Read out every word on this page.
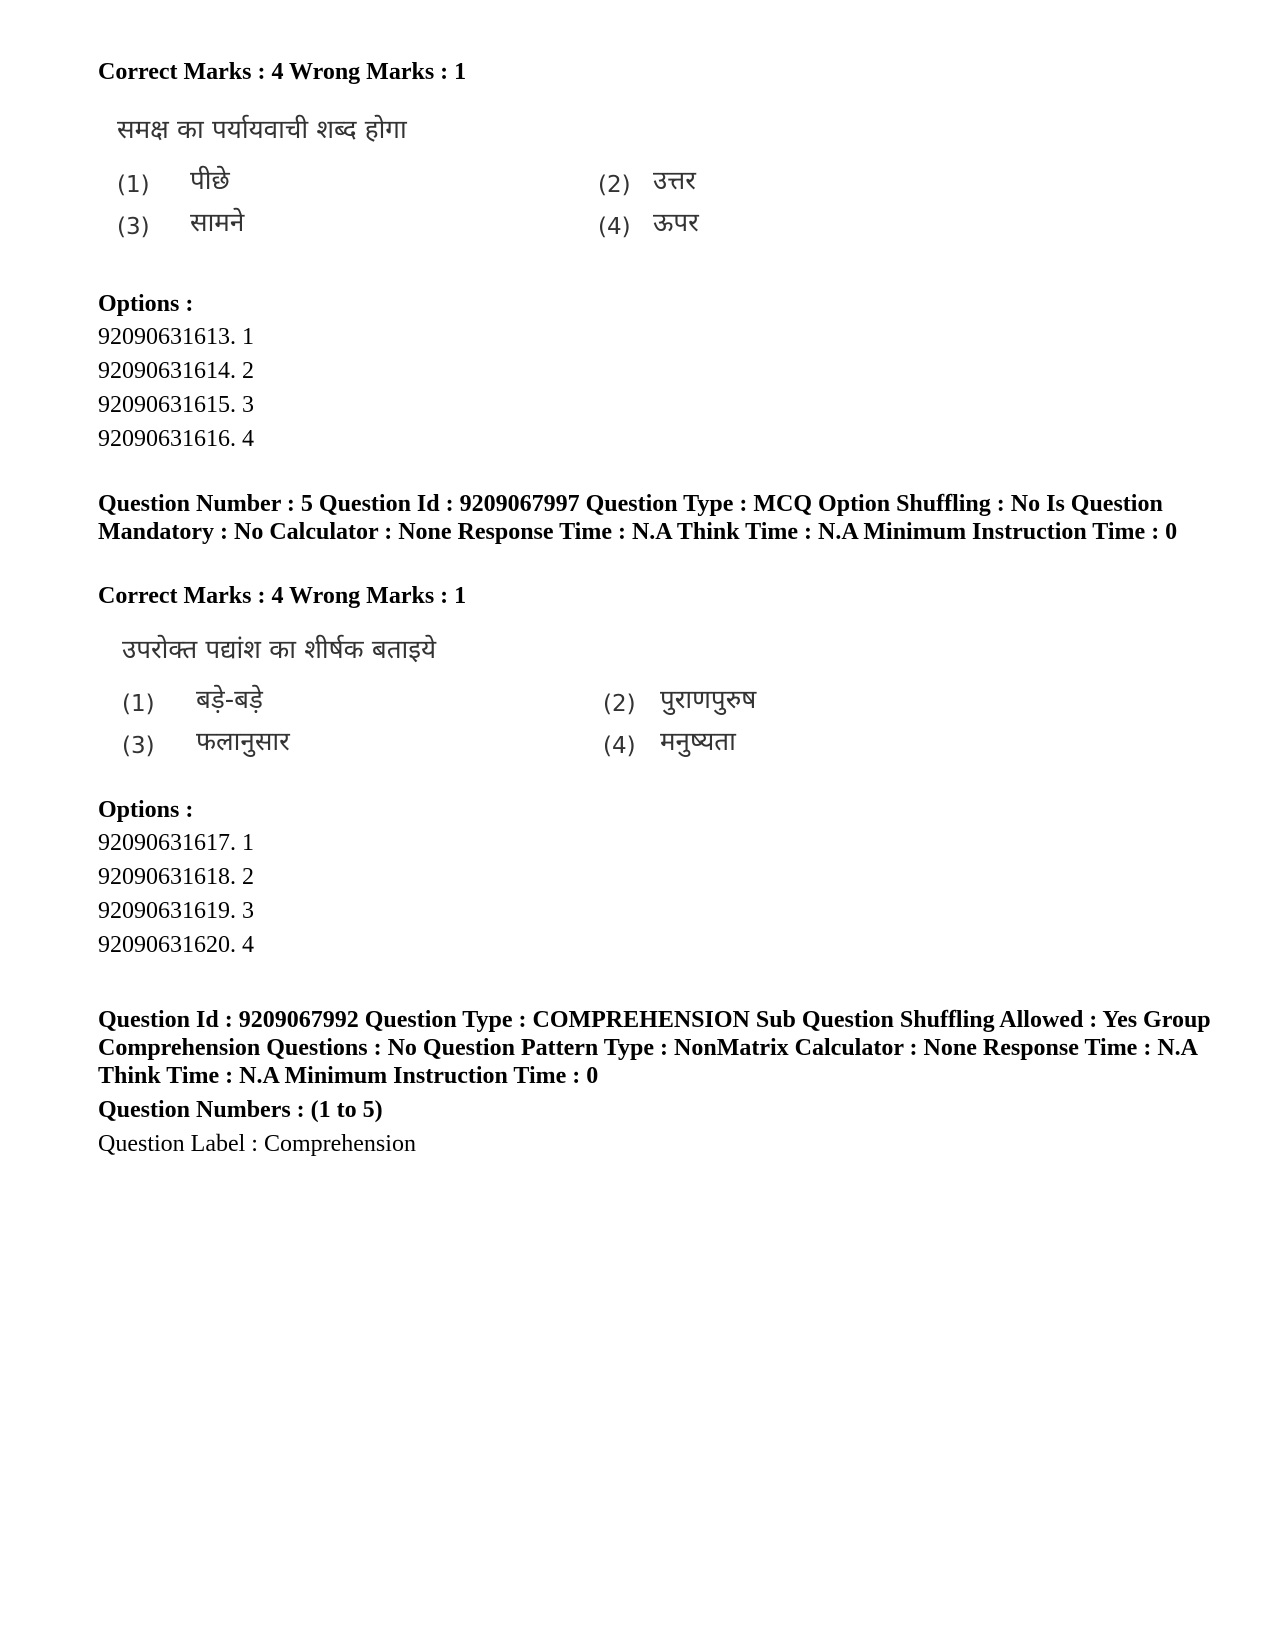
Correct Marks : 4 Wrong Marks : 1
समक्ष का पर्यायवाची शब्द होगा
(1) पीछे	(2) उत्तर
(3) सामने	(4) ऊपर
Options :
92090631613. 1
92090631614. 2
92090631615. 3
92090631616. 4
Question Number : 5 Question Id : 9209067997 Question Type : MCQ Option Shuffling : No Is Question Mandatory : No Calculator : None Response Time : N.A Think Time : N.A Minimum Instruction Time : 0
Correct Marks : 4 Wrong Marks : 1
उपरोक्त पद्यांश का शीर्षक बताइये
(1) बड़े-बड़े	(2) पुराणपुरुष
(3) फलानुसार	(4) मनुष्यता
Options :
92090631617. 1
92090631618. 2
92090631619. 3
92090631620. 4
Question Id : 9209067992 Question Type : COMPREHENSION Sub Question Shuffling Allowed : Yes Group Comprehension Questions : No Question Pattern Type : NonMatrix Calculator : None Response Time : N.A Think Time : N.A Minimum Instruction Time : 0
Question Numbers : (1 to 5)
Question Label : Comprehension
